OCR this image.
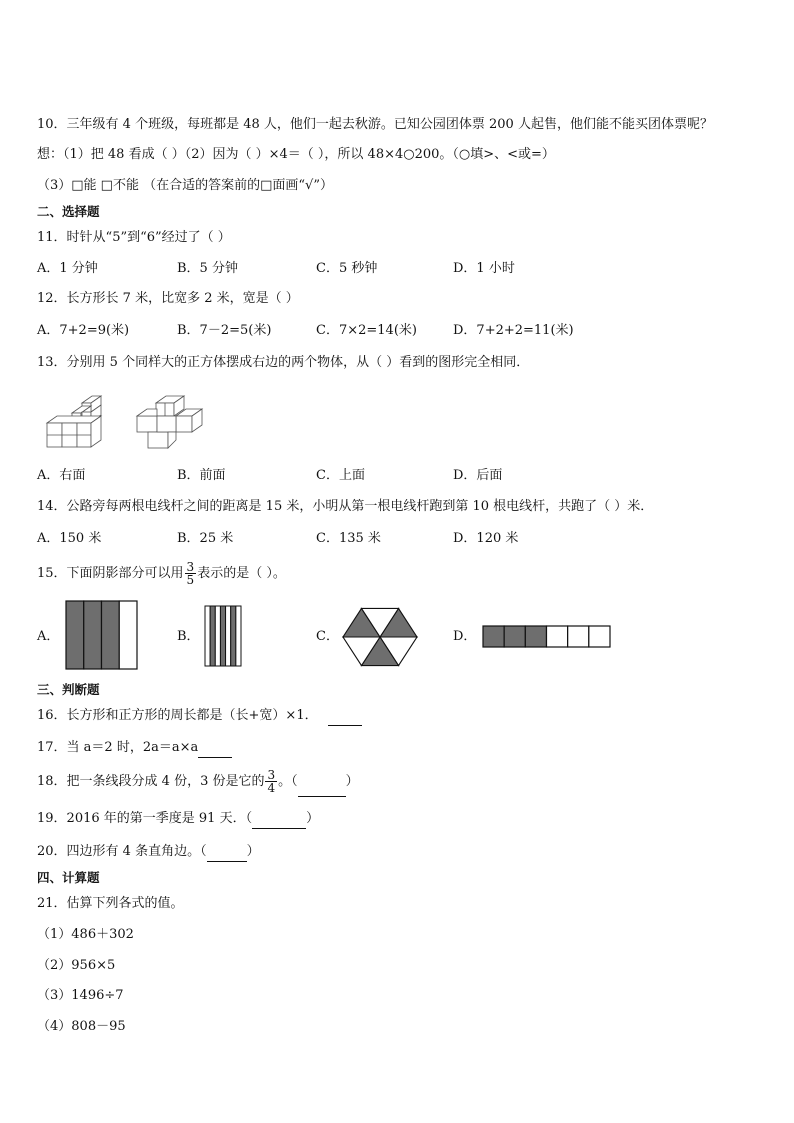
10．三年级有 4 个班级，每班都是 48 人，他们一起去秋游。已知公园团体票 200 人起售，他们能不能买团体票呢？
想：（1）把 48 看成（ ）（2）因为（ ）×4＝（ ），所以 48×4○200。（○填>、<或=）
（3）□能 □不能 （在合适的答案前的□面画“√”）
二、选择题
11．时针从“5”到“6”经过了（ ）
A．1 分钟	B．5 分钟	C．5 秒钟	D．1 小时
12．长方形长 7 米，比宽多 2 米，宽是（ ）
A．7+2=9(米)	B．7－2=5(米)	C．7×2=14(米)	D．7+2+2=11(米)
13．分别用 5 个同样大的正方体摆成右边的两个物体，从（ ）看到的图形完全相同．
A．右面	B．前面	C．上面	D．后面
14．公路旁每两根电线杆之间的距离是 15 米，小明从第一根电线杆跑到第 10 根电线杆，共跑了（ ）米．
A．150 米	B．25 米	C．135 米	D．120 米
15．下面阴影部分可以用 $\frac{3}{5}$ 表示的是（ ）。
A．	B．	C．	D．
三、判断题
16．长方形和正方形的周长都是（长+宽）×1．
17．当 a＝2 时，2a＝a×a
18．把一条线段分成 4 份，3 份是它的 $\frac{3}{4}$ 。（	）
19．2016 年的第一季度是 91 天．（	）
20．四边形有 4 条直角边。（	）
四、计算题
21．估算下列各式的值。
（1）486＋302
（2）956×5
（3）1496÷7
（4）808－95
